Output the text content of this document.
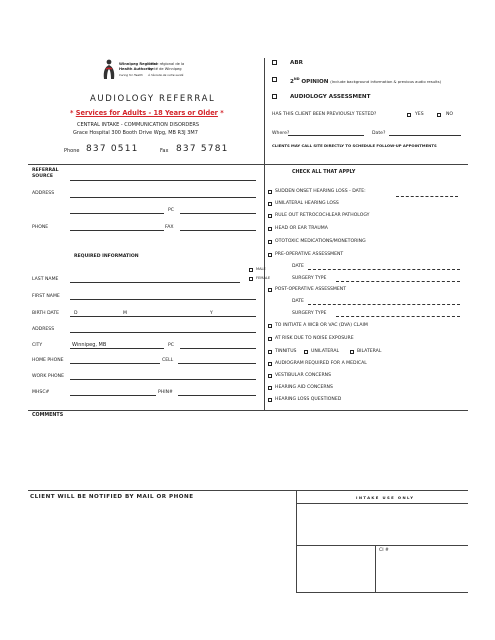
Winnipeg Regional
Health Authority
Caring for Health
Office régional de la
santé de Winnipeg
À l'écoute de notre santé
AUDIOLOGY REFERRAL
* Services for Adults - 18 Years or Older *
CENTRAL INTAKE - COMMUNICATION DISORDERS
Grace Hospital 300 Booth Drive Wpg, MB R3J 3M7
Phone 837 0511	Fax 837 5781
ABR
2ND OPINION (Include background information & previous audio results)
AUDIOLOGY ASSESSMENT
HAS THIS CLIENT BEEN PREVIOUSLY TESTED?	YES	NO
Where?	Date?
CLIENTS MAY CALL SITE DIRECTLY TO SCHEDULE FOLLOW-UP APPOINTMENTS
REFERRAL
SOURCE
ADDRESS
PC
PHONE	FAX
REQUIRED INFORMATION
MALE
FEMALE
LAST NAME
FIRST NAME
BIRTH DATE	D	M	Y
ADDRESS
CITY	Winnipeg, MB	PC
HOME PHONE	CELL
WORK PHONE
MHSC#	PHIN#
CHECK ALL THAT APPLY
SUDDEN ONSET HEARING LOSS - DATE:
UNILATERAL HEARING LOSS
RULE OUT RETROCOCHLEAR PATHOLOGY
HEAD OR EAR TRAUMA
OTOTOXIC MEDICATIONS/MONETORING
PRE-OPERATIVE ASSESSMENT
DATE
SURGERY TYPE
POST-OPERATIVE ASSESSMENT
DATE
SURGERY TYPE
TO INITIATE A WCB OR VAC (DVA) CLAIM
AT RISK DUE TO NOISE EXPOSURE
TINNITUS	UNILATERAL	BILATERAL
AUDIOGRAM REQUIRED FOR A MEDICAL
VESTIBULAR CONCERNS
HEARING AID CONCERNS
HEARING LOSS QUESTIONED
COMMENTS
CLIENT WILL BE NOTIFIED BY MAIL OR PHONE	INTAKE USE ONLY
CI #
